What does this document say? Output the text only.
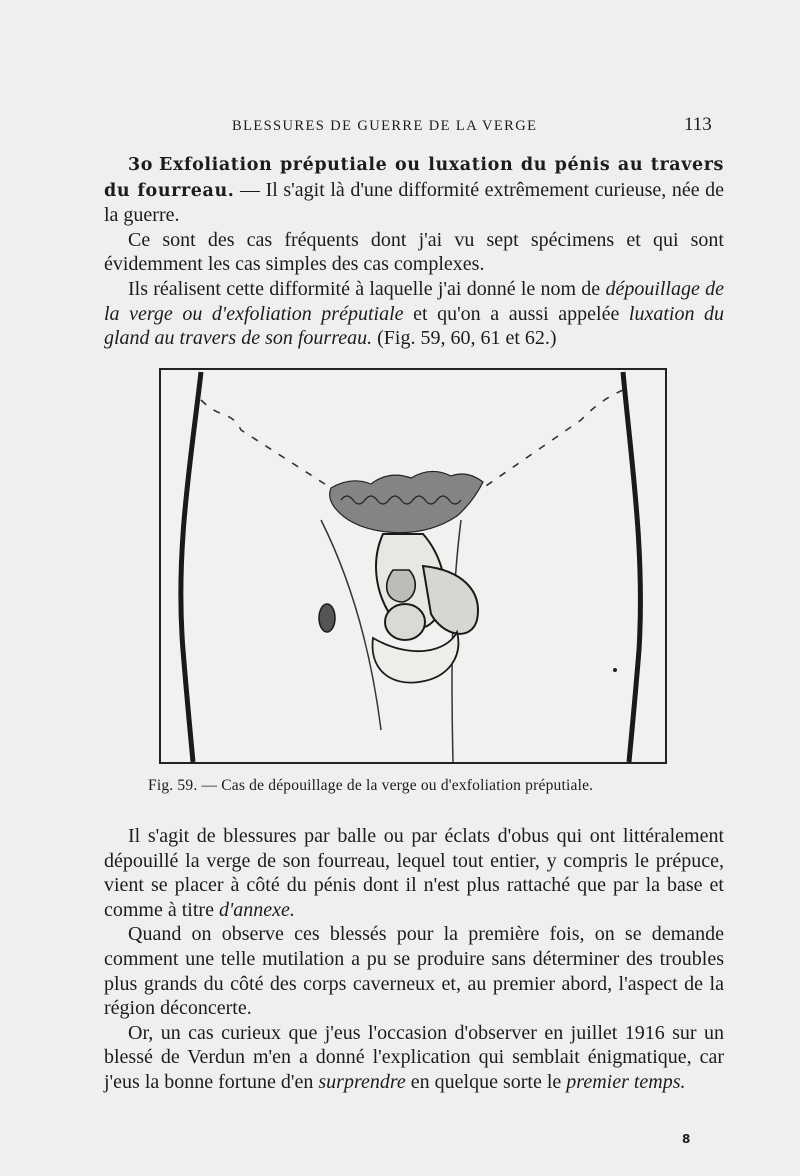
BLESSURES DE GUERRE DE LA VERGE	113

3o Exfoliation préputiale ou luxation du pénis au travers du fourreau. — Il s'agit là d'une difformité extrêmement curieuse, née de la guerre.

Ce sont des cas fréquents dont j'ai vu sept spécimens et qui sont évidemment les cas simples des cas complexes.

Ils réalisent cette difformité à laquelle j'ai donné le nom de dépouillage de la verge ou d'exfoliation préputiale et qu'on a aussi appelée luxation du gland au travers de son fourreau. (Fig. 59, 60, 61 et 62.)

Fig. 59. — Cas de dépouillage de la verge ou d'exfoliation préputiale.

Il s'agit de blessures par balle ou par éclats d'obus qui ont littéralement dépouillé la verge de son fourreau, lequel tout entier, y compris le prépuce, vient se placer à côté du pénis dont il n'est plus rattaché que par la base et comme à titre d'annexe.

Quand on observe ces blessés pour la première fois, on se demande comment une telle mutilation a pu se produire sans déterminer des troubles plus grands du côté des corps caverneux et, au premier abord, l'aspect de la région déconcerte.

Or, un cas curieux que j'eus l'occasion d'observer en juillet 1916 sur un blessé de Verdun m'en a donné l'explication qui semblait énigmatique, car j'eus la bonne fortune d'en surprendre en quelque sorte le premier temps.

8
